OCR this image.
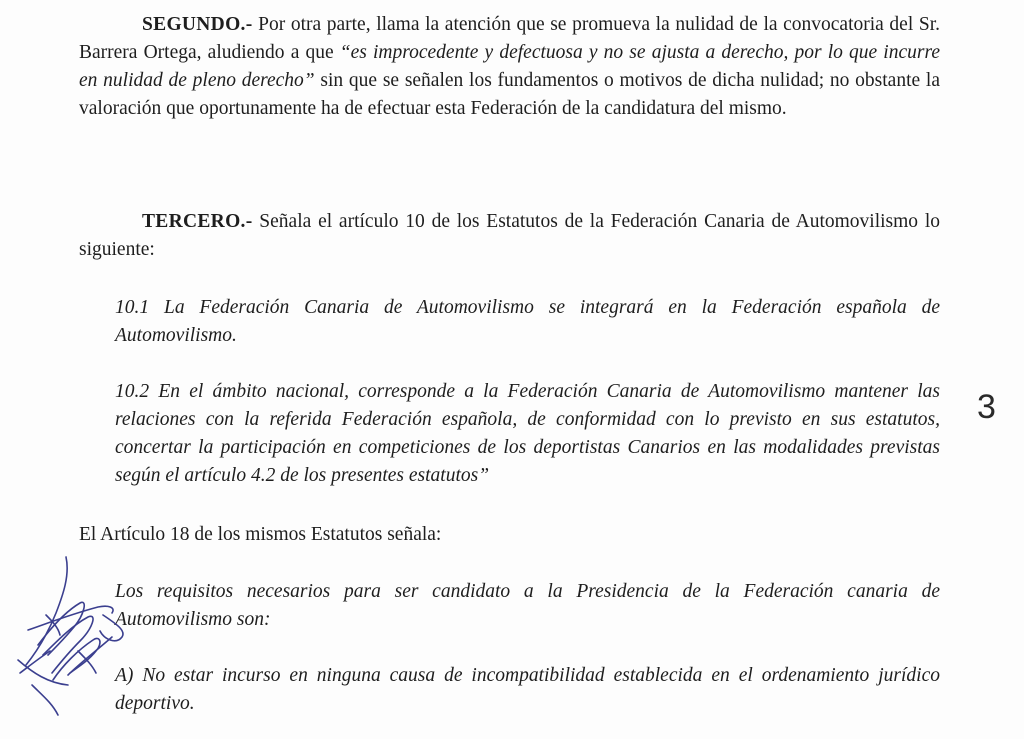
SEGUNDO.- Por otra parte, llama la atención que se promueva la nulidad de la convocatoria del Sr. Barrera Ortega, aludiendo a que “es improcedente y defectuosa y no se ajusta a derecho, por lo que incurre en nulidad de pleno derecho” sin que se señalen los fundamentos o motivos de dicha nulidad; no obstante la valoración que oportunamente ha de efectuar esta Federación de la candidatura del mismo.

TERCERO.- Señala el artículo 10 de los Estatutos de la Federación Canaria de Automovilismo lo siguiente:

10.1 La Federación Canaria de Automovilismo se integrará en la Federación española de Automovilismo.

10.2 En el ámbito nacional, corresponde a la Federación Canaria de Automovilismo mantener las relaciones con la referida Federación española, de conformidad con lo previsto en sus estatutos, concertar la participación en competiciones de los deportistas Canarios en las modalidades previstas según el artículo 4.2 de los presentes estatutos”

El Artículo 18 de los mismos Estatutos señala:

Los requisitos necesarios para ser candidato a la Presidencia de la Federación canaria de Automovilismo son:

A) No estar incurso en ninguna causa de incompatibilidad establecida en el ordenamiento jurídico deportivo.

3
